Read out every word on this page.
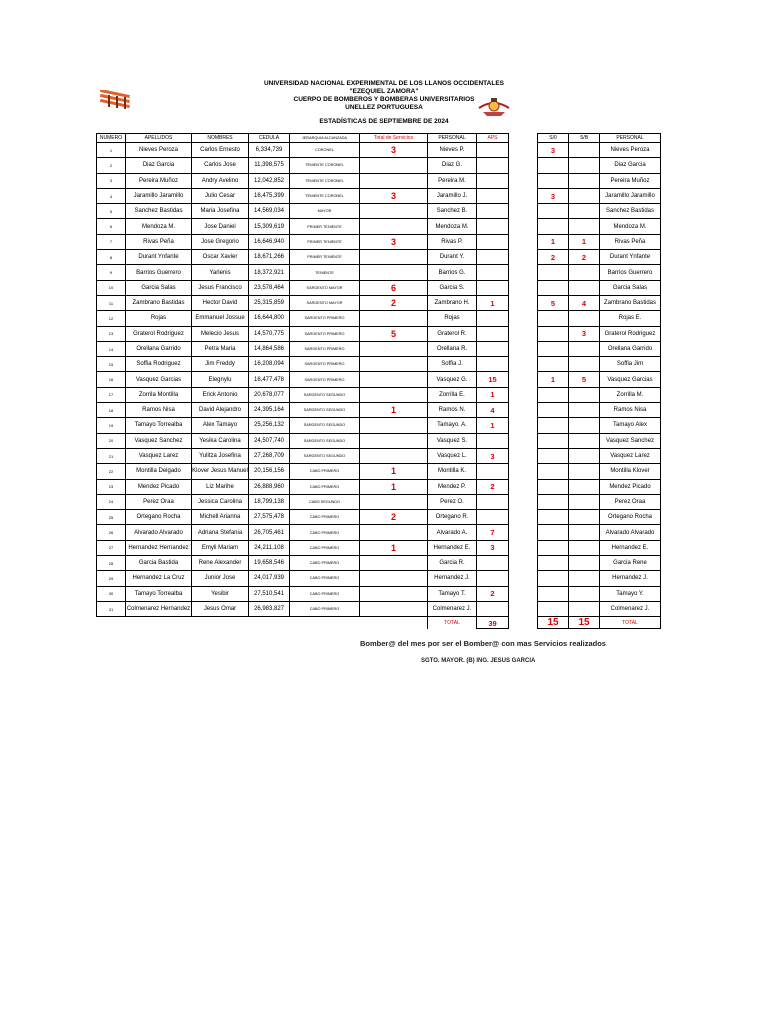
UNIVERSIDAD NACIONAL EXPERIMENTAL DE LOS LLANOS OCCIDENTALES
"EZEQUIEL ZAMORA"
CUERPO DE BOMBEROS Y BOMBERAS UNIVERSITARIOS
UNELLEZ PORTUGUESA
ESTADÍSTICAS DE SEPTIEMBRE DE 2024
NUMERO	APELLIDOS	NOMBRES	CEDULA	JERARQUIA ALCANZADA	Total de Servicios	PERSONAL	APS
1	Nieves Peroza	Carlos Ernesto	6,334,739	CORONEL	3	Nieves P.	
2	Diaz Garcia	Carlos Jose	11,398,575	TENIENTE CORONEL		Diaz G.	
3	Pereira Muñoz	Andry Avelino	12,042,852	TENIENTE CORONEL		Pereira M.	
4	Jaramillo Jaramillo	Julio Cesar	16,475,399	TENIENTE CORONEL	3	Jaramillo J.	
5	Sanchez Bastidas	Maria Josefina	14,569,034	MAYOR		Sanchez B.	
6	Mendoza M.	Jose Daniel	15,309,619	PRIMER TENIENTE		Mendoza M.	
7	Rivas Peña	Jose Gregorio	16,646,940	PRIMER TENIENTE	3	Rivas P.	
8	Durant Ynfante	Oscar Xavier	18,671,266	PRIMER TENIENTE		Durant Y.	
9	Barrios Guerrero	Yarlenis	18,372,921	TENIENTE		Barrios G.	
10	Garcia Salas	Jesus Francisco	23,578,464	SARGENTO MAYOR	6	Garcia S.	
11	Zambrano Bastidas	Hector David	25,315,859	SARGENTO MAYOR	2	Zambrano H.	1
12	Rojas	Emmanuel Jossue	16,644,800	SARGENTO PRIMERO		Rojas	
13	Graterol Rodriguez	Melecio Jesus	14,570,775	SARGENTO PRIMERO	5	Graterol R.	
14	Orellana Garrido	Petra Maria	14,864,586	SARGENTO PRIMERO		Orellana R.	
15	Soffia Rodriguez	Jim Freddy	16,208,094	SARGENTO PRIMERO		Soffia J.	
16	Vasquez Garcias	Elegnylu	16,477,478	SARGENTO PRIMERO		Vasquez G.	15
17	Zorrila Montilla	Erick Antonio	20,678,077	SARGENTO SEGUNDO		Zorrilla E.	1
18	Ramos Nisa	David Alejandro	24,395,164	SARGENTO SEGUNDO	1	Ramos N.	4
19	Tamayo Torrealba	Alex Tamayo	25,256,132	SARGENTO SEGUNDO		Tamayo. A.	1
20	Vasquez Sanchez	Yesika Carolina	24,507,740	SARGENTO SEGUNDO		Vasquez S.	
21	Vasquez Larez	Yulitza Josefina	27,268,709	SARGENTO SEGUNDO		Vasquez L.	3
22	Montilla Delgado	Klover Jesus Manuel	20,156,156	CABO PRIMERO	1	Montilla K.	
23	Mendez Picado	Liz Marihe	26,888,960	CABO PRIMERO	1	Mendez P.	2
24	Perez Oraa	Jessica Carolina	18,799,138	CABO SEGUNDO		Perez O.	
25	Ortegano Rocha	Michell Arianna	27,575,478	CABO PRIMERO	2	Ortegano R.	
26	Alvarado Alvarado	Adriana Stefania	26,705,461	CABO PRIMERO		Alvarado A.	7
27	Hernandez Hernandez	Emyli Mariam	24,211,108	CABO PRIMERO	1	Hernandez E.	3
28	Garcia Bastida	Rene Alexander	19,658,546	CABO PRIMERO		Garcia R.	
29	Hernandez La Cruz	Junior Jose	24,017,939	CABO PRIMERO		Hernandez J.	
30	Tamayo Torrealba	Yesibir	27,510,541	CABO PRIMERO		Tamayo T.	2
31	Colmenarez Hernandez	Jesus Omar	26,983,827	CABO PRIMERO		Colmenarez J.	
						TOTAL	39
S/0	S/B	PERSONAL
3		Nieves Peroza
		Diaz Garcia
		Pereira Muñoz
3		Jaramillo Jaramillo
		Sanchez Bastidas
		Mendoza M.
1	1	Rivas Peña
2	2	Durant Ynfante
		Barrios Guerrero
		Garcia Salas
5	4	Zambrano Bastidas
		Rojas E.
	3	Graterol Rodriguez
		Orellana Garrido
		Soffia Jim
1	5	Vasquez Garcias
		Zorrilla M.
		Ramos Nisa
		Tamayo Alex
		Vasquez Sanchez
		Vasquez Larez
		Montilla Klover
		Mendez Picado
		Perez Oraa
		Ortegano Rocha
		Alvarado Alvarado
		Hernandez E.
		Garcia Rene
		Hernandez J.
		Tamayo Y.
		Colmenarez J.
15	15	TOTAL
Bomber@ del mes por ser el Bomber@ con mas Servicios realizados
SGTO. MAYOR. (B) ING. JESUS GARCIA
